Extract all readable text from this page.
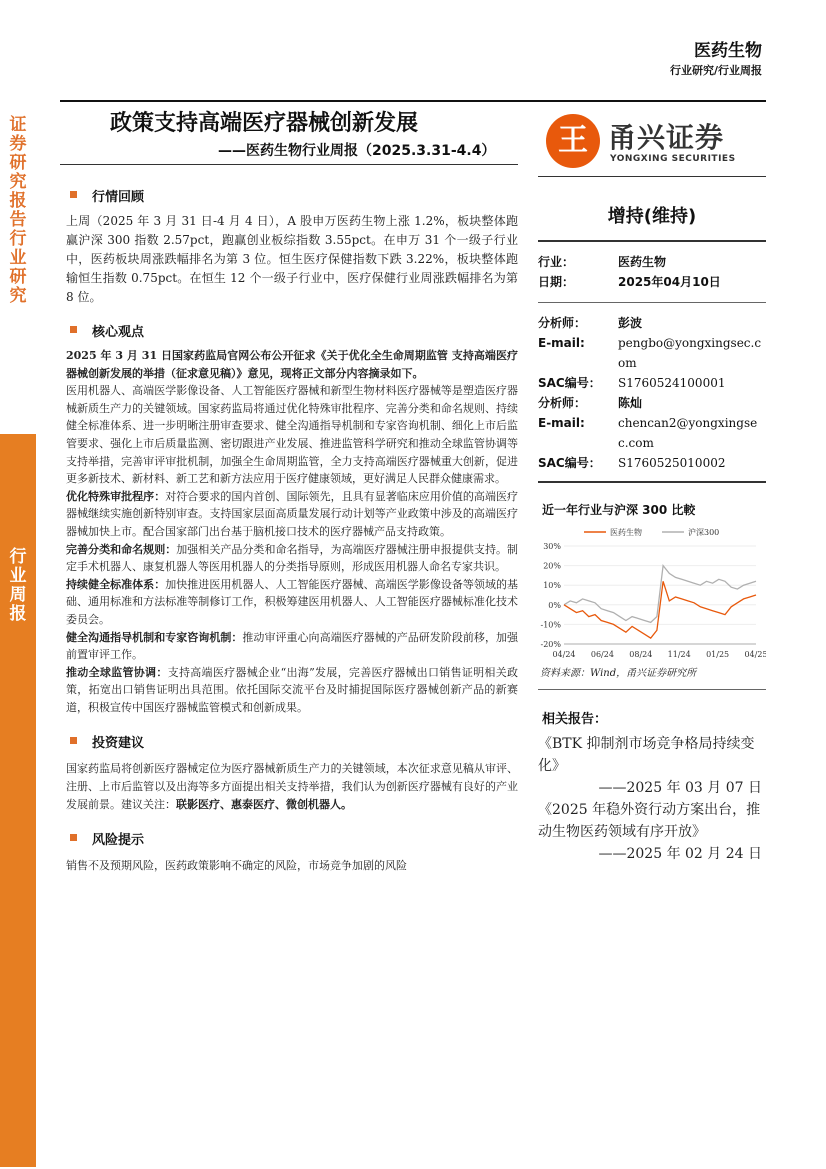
证券研究报告 行业研究
行业周报
医药生物
行业研究/行业周报
政策支持高端医疗器械创新发展
——医药生物行业周报（2025.3.31-4.4）	王 甬兴证券
YONGXING SECURITIES
行情回顾

上周（2025 年 3 月 31 日-4 月 4 日），A 股申万医药生物上涨 1.2%，板块整体跑赢沪深 300 指数 2.57pct，跑赢创业板综指数 3.55pct。在申万 31 个一级子行业中，医药板块周涨跌幅排名为第 3 位。恒生医疗保健指数下跌 3.22%，板块整体跑输恒生指数 0.75pct。在恒生 12 个一级子行业中，医疗保健行业周涨跌幅排名为第 8 位。

核心观点

2025 年 3 月 31 日国家药监局官网公布公开征求《关于优化全生命周期监管 支持高端医疗器械创新发展的举措（征求意见稿）》意见，现将正文部分内容摘录如下。

医用机器人、高端医学影像设备、人工智能医疗器械和新型生物材料医疗器械等是塑造医疗器械新质生产力的关键领域。国家药监局将通过优化特殊审批程序、完善分类和命名规则、持续健全标准体系、进一步明晰注册审查要求、健全沟通指导机制和专家咨询机制、细化上市后监管要求、强化上市后质量监测、密切跟进产业发展、推进监管科学研究和推动全球监管协调等支持举措，完善审评审批机制，加强全生命周期监管，全力支持高端医疗器械重大创新，促进更多新技术、新材料、新工艺和新方法应用于医疗健康领域，更好满足人民群众健康需求。

优化特殊审批程序：对符合要求的国内首创、国际领先，且具有显著临床应用价值的高端医疗器械继续实施创新特别审查。支持国家层面高质量发展行动计划等产业政策中涉及的高端医疗器械加快上市。配合国家部门出台基于脑机接口技术的医疗器械产品支持政策。

完善分类和命名规则：加强相关产品分类和命名指导，为高端医疗器械注册申报提供支持。制定手术机器人、康复机器人等医用机器人的分类指导原则，形成医用机器人命名专家共识。

持续健全标准体系：加快推进医用机器人、人工智能医疗器械、高端医学影像设备等领域的基础、通用标准和方法标准等制修订工作，积极筹建医用机器人、人工智能医疗器械标准化技术委员会。

健全沟通指导机制和专家咨询机制：推动审评重心向高端医疗器械的产品研发阶段前移，加强前置审评工作。

推动全球监管协调：支持高端医疗器械企业“出海”发展，完善医疗器械出口销售证明相关政策，拓宽出口销售证明出具范围。依托国际交流平台及时捕捉国际医疗器械创新产品的新赛道，积极宣传中国医疗器械监管模式和创新成果。

投资建议

国家药监局将创新医疗器械定位为医疗器械新质生产力的关键领域，本次征求意见稿从审评、注册、上市后监管以及出海等多方面提出相关支持举措，我们认为创新医疗器械有良好的产业发展前景。建议关注：联影医疗、惠泰医疗、微创机器人。

风险提示

销售不及预期风险，医药政策影响不确定的风险，市场竞争加剧的风险

增持(维持)
行业：	医药生物
日期：	2025年04月10日
分析师：	彭波
E-mail:	pengbo@yongxingsec.com
SAC编号：	S1760524100001
分析师：	陈灿
E-mail:	chencan2@yongxingsec.com
SAC编号：	S1760525010002
近一年行业与沪深 300 比較
30%
20%
10%
0%
-10%
-20%
04/24 06/24 08/24 11/24 01/25 04/25
医药生物	沪深300
资料来源：Wind，甬兴证券研究所
相关报告：
《BTK 抑制剂市场竞争格局持续变化》
——2025 年 03 月 07 日
《2025 年稳外资行动方案出台，推动生物医药领域有序开放》
——2025 年 02 月 24 日
